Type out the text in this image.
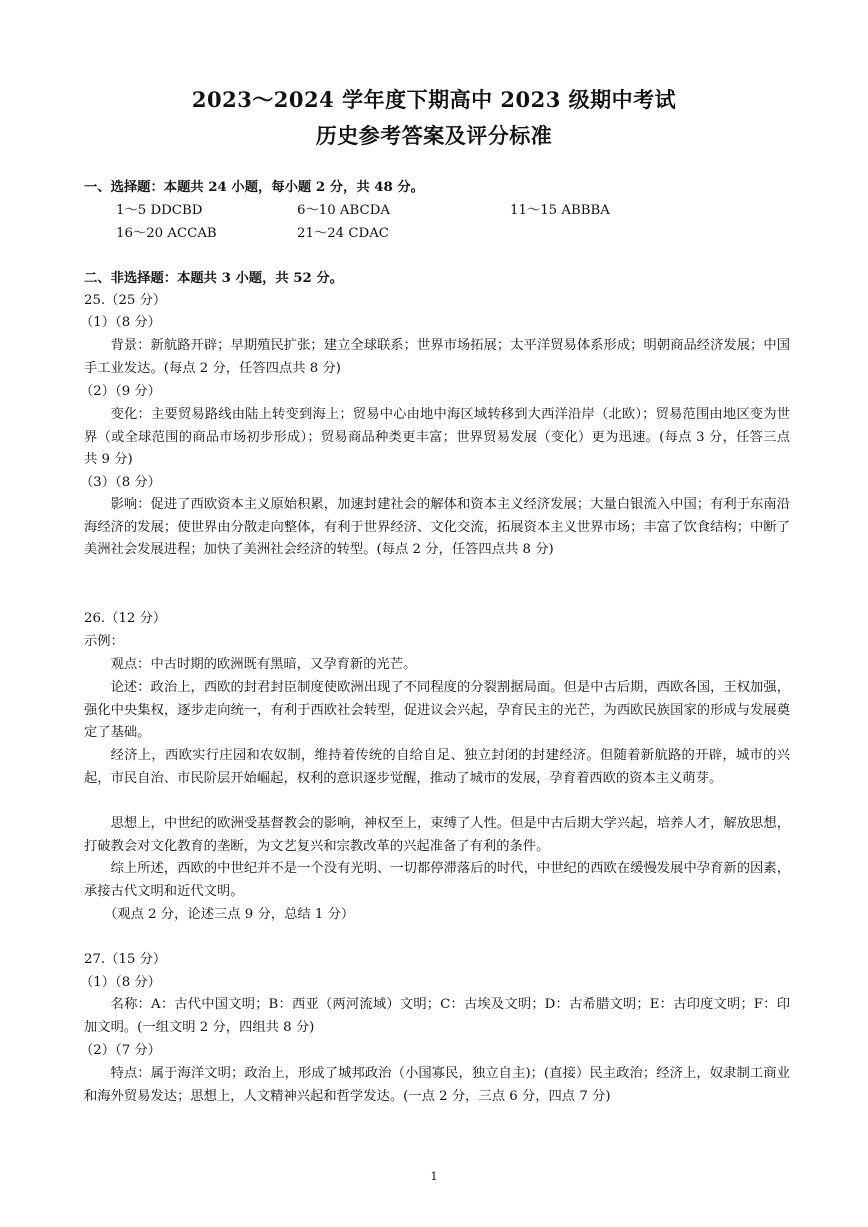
2023～2024 学年度下期高中 2023 级期中考试
历史参考答案及评分标准
一、选择题：本题共 24 小题，每小题 2 分，共 48 分。
1～5 DDCBD	6～10 ABCDA	11～15 ABBBA
16～20 ACCAB	21～24 CDAC
二、非选择题：本题共 3 小题，共 52 分。
25.（25 分）
（1）（8 分）
背景：新航路开辟；早期殖民扩张；建立全球联系；世界市场拓展；太平洋贸易体系形成；明朝商品经济发展；中国手工业发达。(每点 2 分，任答四点共 8 分)
（2）（9 分）
变化：主要贸易路线由陆上转变到海上；贸易中心由地中海区域转移到大西洋沿岸（北欧）；贸易范围由地区变为世界（或全球范围的商品市场初步形成）；贸易商品种类更丰富；世界贸易发展（变化）更为迅速。(每点 3 分，任答三点共 9 分)
（3）（8 分）
影响：促进了西欧资本主义原始积累，加速封建社会的解体和资本主义经济发展；大量白银流入中国；有利于东南沿海经济的发展；使世界由分散走向整体，有利于世界经济、文化交流，拓展资本主义世界市场；丰富了饮食结构；中断了美洲社会发展进程；加快了美洲社会经济的转型。(每点 2 分，任答四点共 8 分)
26.（12 分）
示例：
观点：中古时期的欧洲既有黑暗，又孕育新的光芒。
论述：政治上，西欧的封君封臣制度使欧洲出现了不同程度的分裂割据局面。但是中古后期，西欧各国，王权加强，强化中央集权，逐步走向统一，有利于西欧社会转型，促进议会兴起，孕育民主的光芒，为西欧民族国家的形成与发展奠定了基础。
经济上，西欧实行庄园和农奴制，维持着传统的自给自足、独立封闭的封建经济。但随着新航路的开辟，城市的兴起，市民自治、市民阶层开始崛起，权利的意识逐步觉醒，推动了城市的发展，孕育着西欧的资本主义萌芽。
思想上，中世纪的欧洲受基督教会的影响，神权至上，束缚了人性。但是中古后期大学兴起，培养人才，解放思想，打破教会对文化教育的垄断，为文艺复兴和宗教改革的兴起准备了有利的条件。
综上所述，西欧的中世纪并不是一个没有光明、一切都停滞落后的时代，中世纪的西欧在缓慢发展中孕育新的因素，承接古代文明和近代文明。
（观点 2 分，论述三点 9 分，总结 1 分）
27.（15 分）
（1）（8 分）
名称：A：古代中国文明；B：西亚（两河流域）文明；C：古埃及文明；D：古希腊文明；E：古印度文明；F：印加文明。(一组文明 2 分，四组共 8 分)
（2）（7 分）
特点：属于海洋文明；政治上，形成了城邦政治（小国寡民，独立自主)；(直接）民主政治；经济上，奴隶制工商业和海外贸易发达；思想上，人文精神兴起和哲学发达。(一点 2 分，三点 6 分，四点 7 分)
1
